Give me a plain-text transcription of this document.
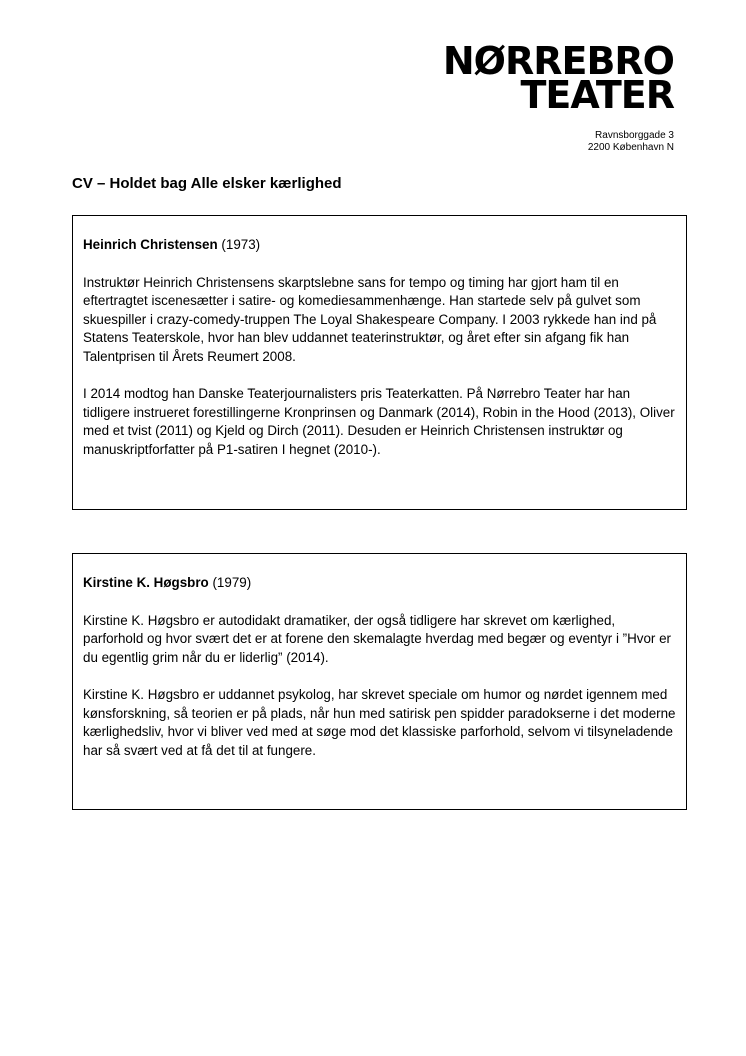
NØRREBRO
TEATER
Ravnsborggade 3
2200 København N
CV – Holdet bag Alle elsker kærlighed
Heinrich Christensen (1973)

Instruktør Heinrich Christensens skarptslebne sans for tempo og timing har gjort ham til en eftertragtet iscenesætter i satire- og komediesammenhænge. Han startede selv på gulvet som skuespiller i crazy-comedy-truppen The Loyal Shakespeare Company. I 2003 rykkede han ind på Statens Teaterskole, hvor han blev uddannet teaterinstruktør, og året efter sin afgang fik han Talentprisen til Årets Reumert 2008.

I 2014 modtog han Danske Teaterjournalisters pris Teaterkatten. På Nørrebro Teater har han tidligere instrueret forestillingerne Kronprinsen og Danmark (2014), Robin in the Hood (2013), Oliver med et tvist (2011) og Kjeld og Dirch (2011). Desuden er Heinrich Christensen instruktør og manuskriptforfatter på P1-satiren I hegnet (2010-).

Kirstine K. Høgsbro (1979)

Kirstine K. Høgsbro er autodidakt dramatiker, der også tidligere har skrevet om kærlighed, parforhold og hvor svært det er at forene den skemalagte hverdag med begær og eventyr i ”Hvor er du egentlig grim når du er liderlig” (2014).

Kirstine K. Høgsbro er uddannet psykolog, har skrevet speciale om humor og nørdet igennem med kønsforskning, så teorien er på plads, når hun med satirisk pen spidder paradokserne i det moderne kærlighedsliv, hvor vi bliver ved med at søge mod det klassiske parforhold, selvom vi tilsyneladende har så svært ved at få det til at fungere.
